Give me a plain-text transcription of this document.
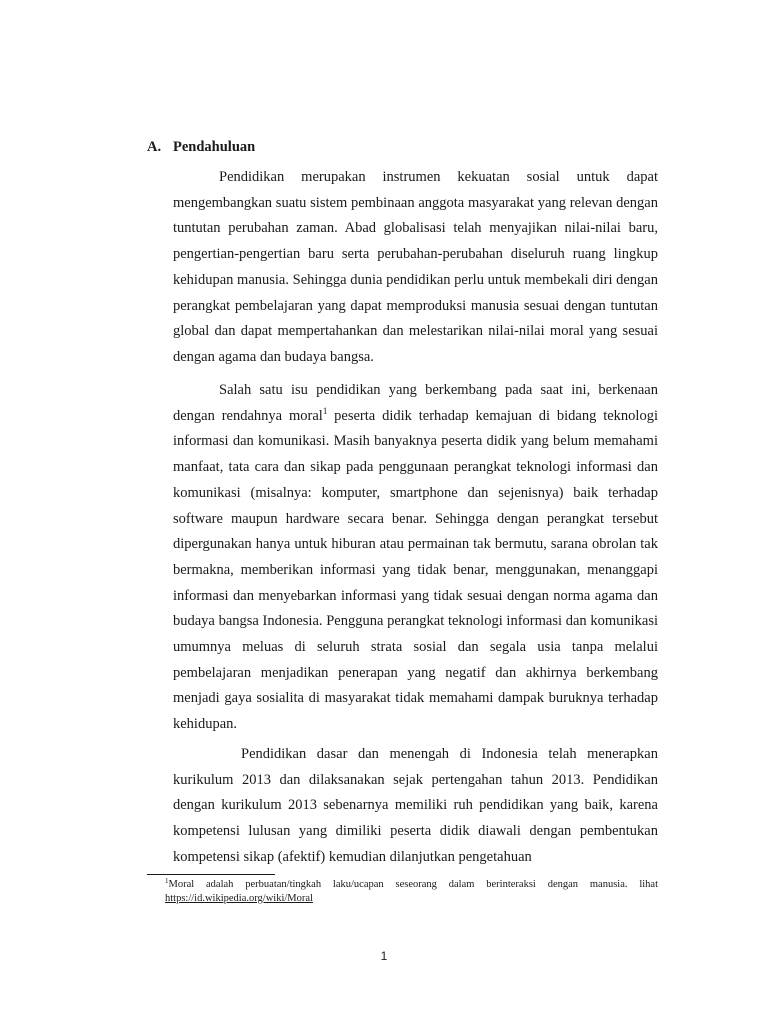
A. Pendahuluan

Pendidikan merupakan instrumen kekuatan sosial untuk dapat mengembangkan suatu sistem pembinaan anggota masyarakat yang relevan dengan tuntutan perubahan zaman. Abad globalisasi telah menyajikan nilai-nilai baru, pengertian-pengertian baru serta perubahan-perubahan diseluruh ruang lingkup kehidupan manusia. Sehingga dunia pendidikan perlu untuk membekali diri dengan perangkat pembelajaran yang dapat memproduksi manusia sesuai dengan tuntutan global dan dapat mempertahankan dan melestarikan nilai-nilai moral yang sesuai dengan agama dan budaya bangsa.

Salah satu isu pendidikan yang berkembang pada saat ini, berkenaan dengan rendahnya moral$^1$ peserta didik terhadap kemajuan di bidang teknologi informasi dan komunikasi. Masih banyaknya peserta didik yang belum memahami manfaat, tata cara dan sikap pada penggunaan perangkat teknologi informasi dan komunikasi (misalnya: komputer, smartphone dan sejenisnya) baik terhadap software maupun hardware secara benar. Sehingga dengan perangkat tersebut dipergunakan hanya untuk hiburan atau permainan tak bermutu, sarana obrolan tak bermakna, memberikan informasi yang tidak benar, menggunakan, menanggapi informasi dan menyebarkan informasi yang tidak sesuai dengan norma agama dan budaya bangsa Indonesia. Pengguna perangkat teknologi informasi dan komunikasi umumnya meluas di seluruh strata sosial dan segala usia tanpa melalui pembelajaran menjadikan penerapan yang negatif dan akhirnya berkembang menjadi gaya sosialita di masyarakat tidak memahami dampak buruknya terhadap kehidupan.

Pendidikan dasar dan menengah di Indonesia telah menerapkan kurikulum 2013 dan dilaksanakan sejak pertengahan tahun 2013. Pendidikan dengan kurikulum 2013 sebenarnya memiliki ruh pendidikan yang baik, karena kompetensi lulusan yang dimiliki peserta didik diawali dengan pembentukan kompetensi sikap (afektif) kemudian dilanjutkan pengetahuan

$^1$Moral adalah perbuatan/tingkah laku/ucapan seseorang dalam berinteraksi dengan manusia. lihat https://id.wikipedia.org/wiki/Moral
1
